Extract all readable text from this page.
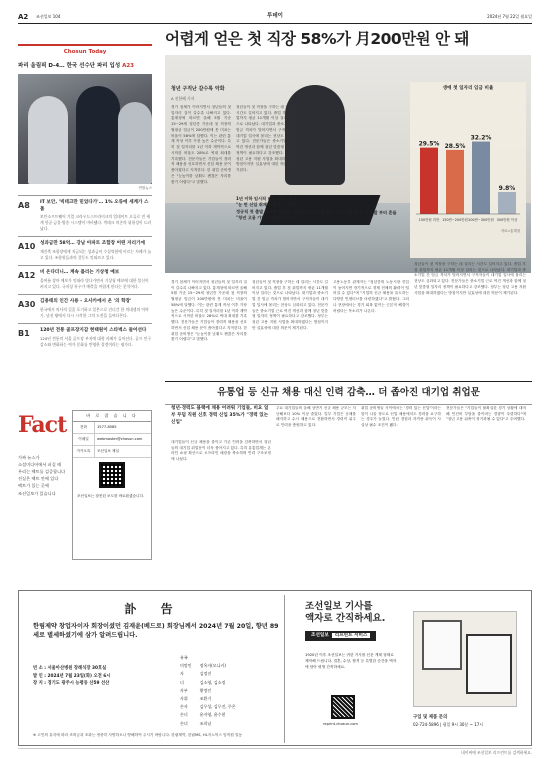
A2 조선일보 104	투데이	2024년 7월 22일 월요일
Chosun Today
파리 올림픽 D-4… 한국 선수단 파리 입성 A23
연합뉴스
A8	IT 보안, '빅테크만 믿었다가'… 1% 오류에 세계가 스톱
보안소프트웨어 기업 크라우드스트라이크의 업데이트 오류로 전 세계 항공·금융·방송 시스템이 마비됐다. 빅테크 의존의 위험성이 드러났다.
A10	성과금만 58억… 강남 아파트 조합장 어떤 자리기에
재건축 조합장에게 지급되는 성과금이 수십억원에 이르는 사례가 늘고 있다. 조합원들과의 갈등도 잇따르고 있다.
A12	비 온다더니… 계속 틀리는 기상청 예보
올여름 장마 예보가 잇따라 빗나가면서 기상청 예보에 대한 불신이 커지고 있다. 국지성 폭우가 예측을 어렵게 한다는 분석이다.
A30	김용태의 인간 사용 - 오사카에서 온 '의 학장'
한국에서 의사의 길을 포기하고 일본으로 건너간 한 의대생의 이야기. 낯선 땅에서 다시 시작한 그의 도전을 들여다본다.
B1	120년 전통 골프장지갑 현택원이 스타벅스 들어선다
120년 전통의 서울 골프장 부지에 대형 카페가 들어선다. 골프 인구 감소와 변화하는 여가 문화를 반영한 결정이라는 평가다.
Fact
가짜 뉴스가
소셜미디어에서 퍼질 때
우리는 팩트를 검증합니다
진실은 팩트 안에 있다
팩트가 있는 곳에
조선일보가 있습니다
바 로 잡 습 니 다
전화	1577-8585
이메일	webmaster@chosun.com
카카오톡	조선일보 채널
조선일보는 잘못된 보도를 바로잡겠습니다.
어렵게 얻은 첫 직장 58%가 月200만원 안 돼
청년 구직난 갈수록 악화
A 선한혜 기자
경기 침체가 이어지면서 청년들의 첫 일자리 질이 갈수록 나빠지고 있다. 통계청에 따르면 올해 5월 기준 15~29세 청년층 가운데 첫 직장의 월평균 임금이 200만원에 못 미치는 비율이 58%에 달했다. 이는 관련 통계 작성 이후 가장 높은 수준이다. 특히 첫 일자리를 1년 이하 계약직으로 시작한 비율도 28%로 역대 최대를 기록했다. 전문가들은 기업들이 경력직 채용을 선호하면서 신입 채용 문이 좁아졌다고 지적한다. 한 취업 준비생은 "눈높이를 낮춰도 괜찮은 자리를 찾기 어렵다"고 말했다.
청년들이 첫 직장을 구하는 데 걸리는 시간도 길어지고 있다. 졸업 후 첫 취업까지 평균 11개월 이상 걸리는 것으로 나타났다. 대기업과 중소기업 간 임금 격차가 벌어지면서 구직자들이 대기업 입사에 몰리는 현상도 심화되고 있다. 전문가들은 중소기업 근로 여건 개선과 함께 청년 맞춤형 일자리 정책이 필요하다고 강조했다. 정부는 청년 고용 지원 사업을 확대하겠다는 방침이지만 실효성에 대한 의문이 제기된다.
1년 이하 임시직 비율 28% 최대 "눈 먼 신입 취재에 밀다" 도55% 정규직 첫 출발 비교적 높지만 개인 "청년 고용 가업이 어렵다 이유"
경기 침체가 이어지면서 청년들의 첫 일자리 질이 갈수록 나빠지고 있다. 통계청에 따르면 올해 5월 기준 15~29세 청년층 가운데 첫 직장의 월평균 임금이 200만원에 못 미치는 비율이 58%에 달했다. 이는 관련 통계 작성 이후 가장 높은 수준이다. 특히 첫 일자리를 1년 이하 계약직으로 시작한 비율도 28%로 역대 최대를 기록했다. 전문가들은 기업들이 경력직 채용을 선호하면서 신입 채용 문이 좁아졌다고 지적한다. 한 취업 준비생은 "눈높이를 낮춰도 괜찮은 자리를 찾기 어렵다"고 말했다.
청년들이 첫 직장을 구하는 데 걸리는 시간도 길어지고 있다. 졸업 후 첫 취업까지 평균 11개월 이상 걸리는 것으로 나타났다. 대기업과 중소기업 간 임금 격차가 벌어지면서 구직자들이 대기업 입사에 몰리는 현상도 심화되고 있다. 전문가들은 중소기업 근로 여건 개선과 함께 청년 맞춤형 일자리 정책이 필요하다고 강조했다. 정부는 청년 고용 지원 사업을 확대하겠다는 방침이지만 실효성에 대한 의문이 제기된다.
고용노동부 관계자는 "청년층의 노동시장 진입이 늦어지면 장기적으로 경제 전체의 활력이 떨어질 수 있다"며 "기업의 신규 채용을 유도하는 다양한 인센티브를 마련하겠다"고 밝혔다. 그러나 현장에서는 경기 회복 없이는 근본적 해결이 어렵다는 목소리가 나온다.
청년들이 첫 직장을 구하는 데 걸리는 시간도 길어지고 있다. 졸업 후 첫 취업까지 평균 11개월 이상 걸리는 것으로 나타났다. 대기업과 중소기업 간 임금 격차가 벌어지면서 구직자들이 대기업 입사에 몰리는 현상도 심화되고 있다. 전문가들은 중소기업 근로 여건 개선과 함께 청년 맞춤형 일자리 정책이 필요하다고 강조했다. 정부는 청년 고용 지원 사업을 확대하겠다는 방침이지만 실효성에 대한 의문이 제기된다.
청년 고용 '빨간불' 신입 채용 축소 첫 출발 부터 흔들
생애 첫 일자리 임금 비율
29.5%
150만원 미만
28.5%
150만~200만원
32.2%
200만~300만원
9.8%
300만원 이상
자료=통계청
유통업 등 신규 채용 대신 인력 감축… 더 좁아진 대기업 취업문
청년·경력도 블랙에 채용 어려워 기업들, 비요 일부 무덤 직원 신호 경력 신입 35%가 "경력 있는 신입"
대기업들이 신규 채용을 줄이고 기존 인력을 감축하면서 청년들의 대기업 취업문이 더욱 좁아지고 있다. 특히 유통업계는 온라인 쇼핑 확산으로 오프라인 매장을 축소하며 인력 구조조정에 나섰다.
주요 대기업들의 올해 상반기 신규 채용 규모는 지난해보다 10% 이상 줄었다. 일부 기업은 공채를 폐지하고 수시 채용으로 전환하면서 경력직 위주로 인력을 충원하고 있다.
취업 준비생들 사이에서는 '경력 있는 신입'이라는 말이 나올 정도로 신입 채용에서도 경력을 요구하는 경우가 늘었다. 인턴 경험과 자격증 취득이 사실상 필수 조건이 됐다.
전문가들은 "기업들이 불확실한 경기 상황에 대비해 인건비 부담을 줄이려는 경향이 뚜렷하다"며 "청년 고용 위축이 장기화될 수 있다"고 우려했다.
訃 告
한림제약 창업자이자 회장이셨던 김재윤(베드로) 회장님께서 2024년 7월 20일, 향년 89세로 별세하셨기에 삼가 알려드립니다.
빈 소 : 서울아산병원 장례식장 30호실
발 인 : 2024년 7월 23일(화) 오전 6시
장 지 : 경기도 광주시 능평동 산59 선산
유족	
미망인	정옥자(모니카)
자	김정진
녀	김소영, 김소정
자부	황정인
사위	조환기
손자	김무성, 김무진, 주은
손녀	윤자영, 윤수현
손녀	조희남
※ 고인의 유지에 따라 조의금과 조화는 정중히 사양하오니 양해하여 주시기 바랍니다. 한림제약, 한림MS, HL지노믹스 임직원 일동
조선일보 기사를
액자로 간직하세요.
조선일보 리프린트 서비스
1920년 이후 조선일보는 귀한 기사를 신문 게재 형태로 제작해 드립니다. 결혼, 수상, 합격 등 특별한 순간을 액자에 담아 평생 간직하세요.
reprint.chosun.com
구입 및 제품 문의
02-724-5896 | 평일 9시 30분 ~ 17시
네이버에 조선일보 리프린트를 검색하세요.
